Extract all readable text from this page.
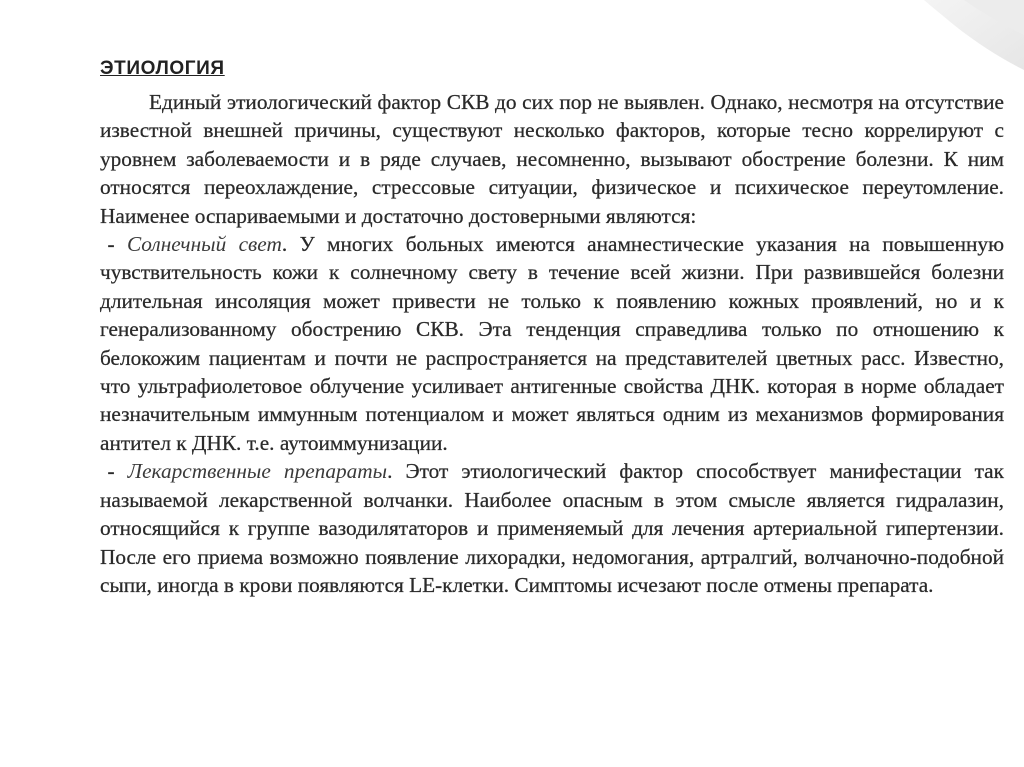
ЭТИОЛОГИЯ

Единый этиологический фактор СКВ до сих пор не выявлен. Однако, несмотря на отсутствие известной внешней причины, существуют несколько факторов, которые тесно коррелируют с уровнем заболеваемости и в ряде случаев, несомненно, вызывают обострение болезни. К ним относятся переохлаждение, стрессовые ситуации, физическое и психическое переутомление. Наименее оспариваемыми и достаточно достоверными являются:

- Солнечный свет. У многих больных имеются анамнестические указания на повышенную чувствительность кожи к солнечному свету в течение всей жизни. При развившейся болезни длительная инсоляция может привести не только к появлению кожных проявлений, но и к генерализованному обострению СКВ. Эта тенденция справедлива только по отношению к белокожим пациентам и почти не распространяется на представителей цветных расс. Известно, что ультрафиолетовое облучение усиливает антигенные свойства ДНК. которая в норме обладает незначительным иммунным потенциалом и может являться одним из механизмов формирования антител к ДНК. т.е. аутоиммунизации.

- Лекарственные препараты. Этот этиологический фактор способствует манифестации так называемой лекарственной волчанки. Наиболее опасным в этом смысле является гидралазин, относящийся к группе вазодилятаторов и применяемый для лечения артериальной гипертензии. После его приема возможно появление лихорадки, недомогания, артралгий, волчаночно-подобной сыпи, иногда в крови появляются LE-клетки. Симптомы исчезают после отмены препарата.
